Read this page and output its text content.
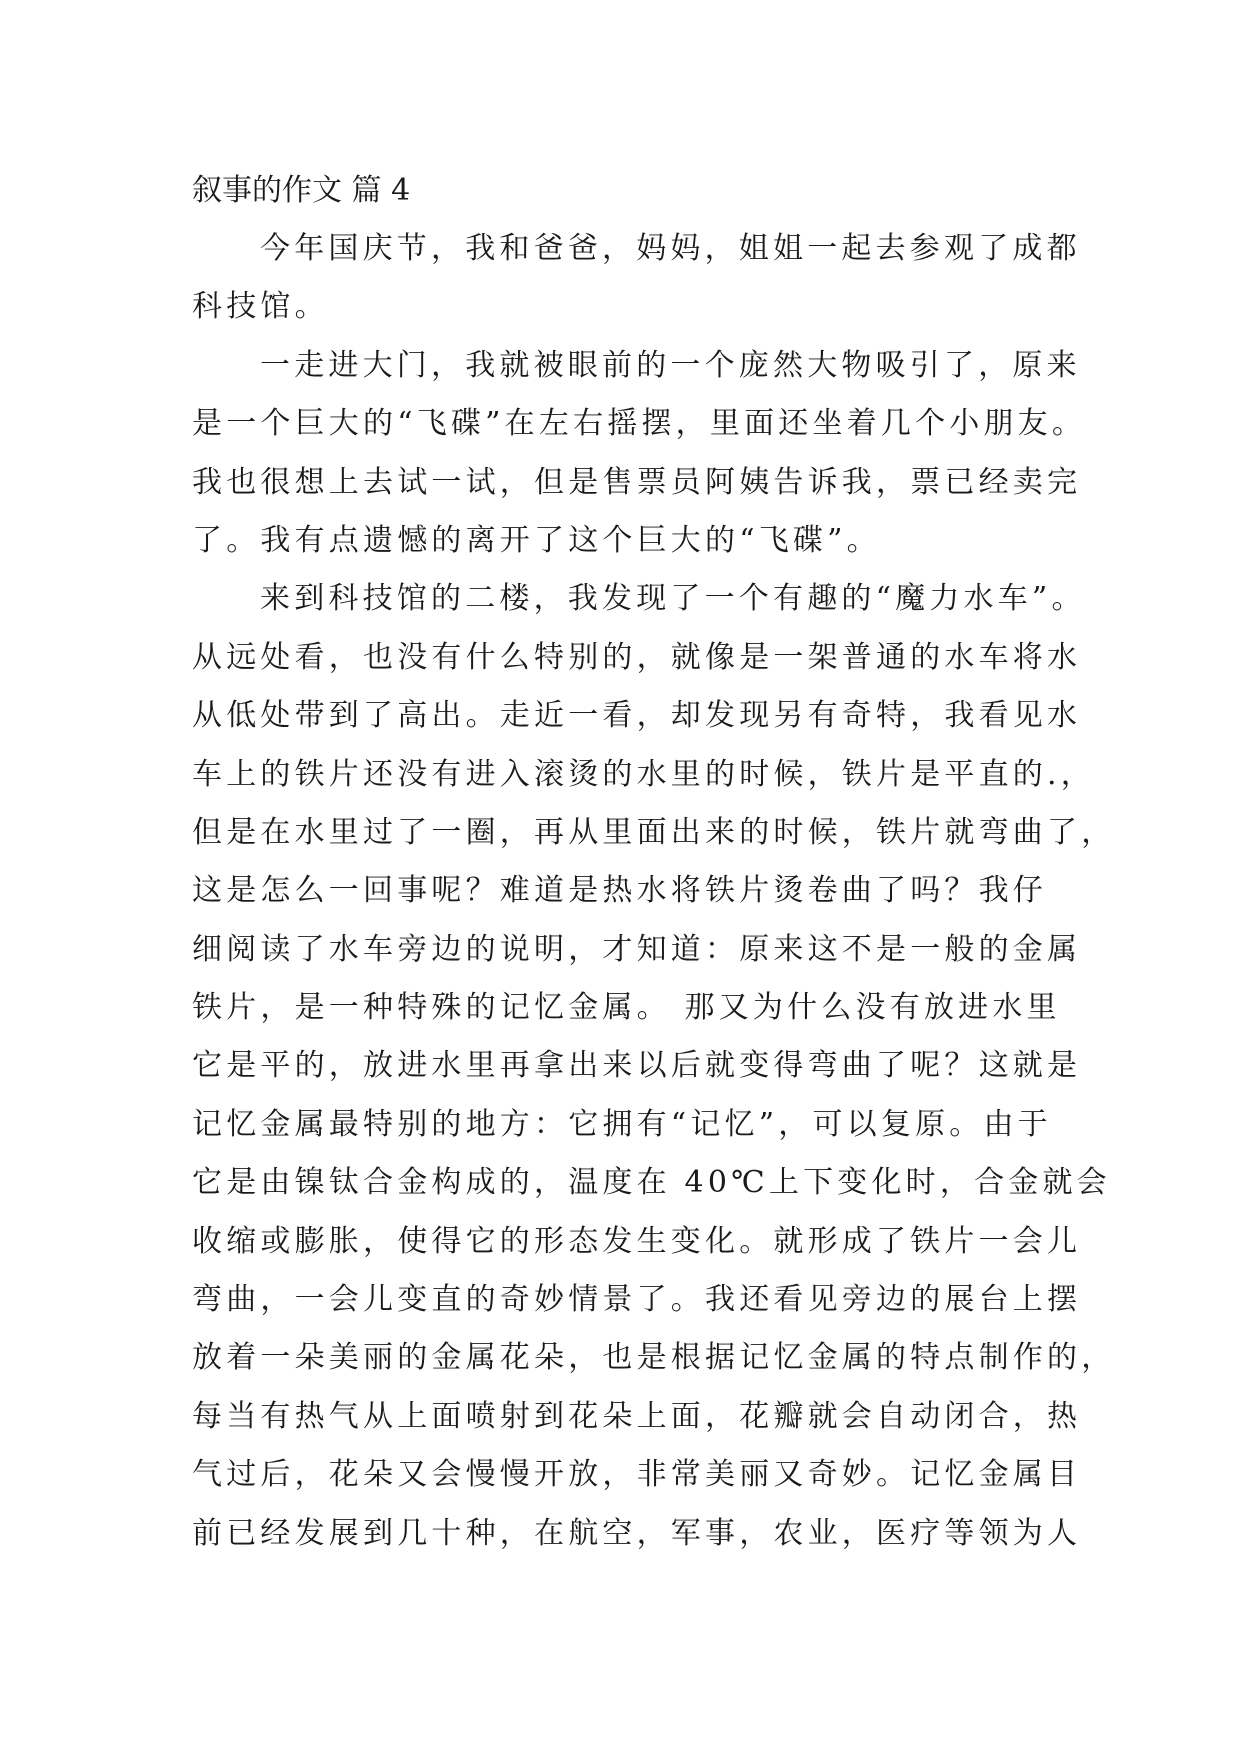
叙事的作文 篇 4

今年国庆节，我和爸爸，妈妈，姐姐一起去参观了成都

科技馆。

一走进大门，我就被眼前的一个庞然大物吸引了，原来

是一个巨大的“飞碟”在左右摇摆，里面还坐着几个小朋友。

我也很想上去试一试，但是售票员阿姨告诉我，票已经卖完

了。我有点遗憾的离开了这个巨大的“飞碟”。

来到科技馆的二楼，我发现了一个有趣的“魔力水车”。

从远处看，也没有什么特别的，就像是一架普通的水车将水

从低处带到了高出。走近一看，却发现另有奇特，我看见水

车上的铁片还没有进入滚烫的水里的时候，铁片是平直的.，

但是在水里过了一圈，再从里面出来的时候，铁片就弯曲了，

这是怎么一回事呢？难道是热水将铁片烫卷曲了吗？我仔

细阅读了水车旁边的说明，才知道：原来这不是一般的金属

铁片，是一种特殊的记忆金属。 那又为什么没有放进水里

它是平的，放进水里再拿出来以后就变得弯曲了呢？这就是

记忆金属最特别的地方：它拥有“记忆”，可以复原。由于

它是由镍钛合金构成的，温度在 40℃上下变化时，合金就会

收缩或膨胀，使得它的形态发生变化。就形成了铁片一会儿

弯曲，一会儿变直的奇妙情景了。我还看见旁边的展台上摆

放着一朵美丽的金属花朵，也是根据记忆金属的特点制作的，

每当有热气从上面喷射到花朵上面，花瓣就会自动闭合，热

气过后，花朵又会慢慢开放，非常美丽又奇妙。记忆金属目

前已经发展到几十种，在航空，军事，农业，医疗等领为人
